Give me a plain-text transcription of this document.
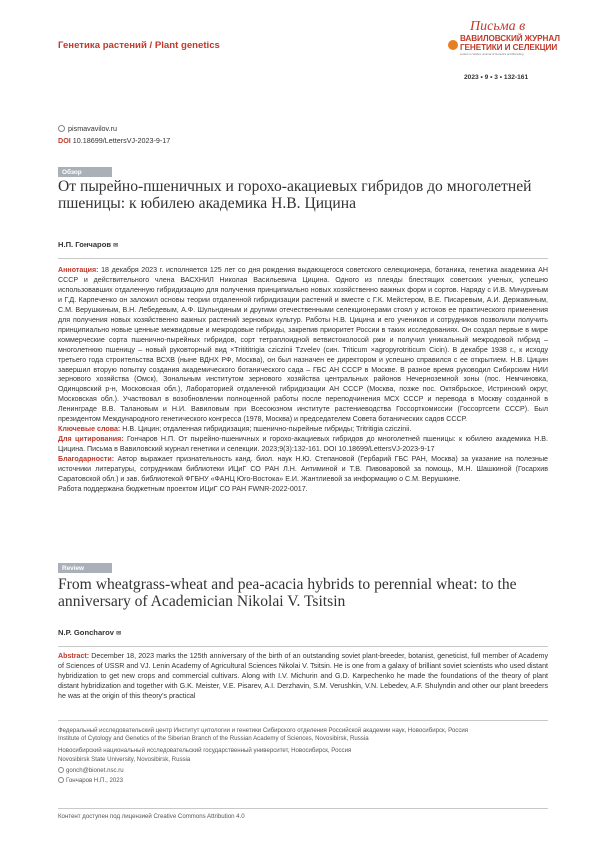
Генетика растений / Plant genetics
Письма в
ВАВИЛОВСКИЙ ЖУРНАЛ
ГЕНЕТИКИ И СЕЛЕКЦИИ
Letters to Vavilov Journal of Genetics and Breeding
2023 • 9 • 3 • 132-161
pismavavilov.ru
DOI 10.18699/LettersVJ-2023-9-17
Обзор
От пырейно-пшеничных и горохо-акациевых гибридов до многолетней пшеницы: к юбилею академика Н.В. Цицина
Н.П. Гончаров ✉
Аннотация: 18 декабря 2023 г. исполняется 125 лет со дня рождения выдающегося советского селекционера, ботаника, генетика академика АН СССР и действительного члена ВАСХНИЛ Николая Васильевича Цицина. Одного из плеяды блестящих советских ученых, успешно использовавших отдаленную гибридизацию для получения принципиально новых хозяйственно важных форм и сортов. Наряду с И.В. Мичуриным и Г.Д. Карпеченко он заложил основы теории отдаленной гибридизации растений и вместе с Г.К. Мейстером, В.Е. Писаревым, А.И. Державиным, С.М. Верушкиным, В.Н. Лебедевым, А.Ф. Шульндиным и другими отечественными селекционерами стоял у истоков ее практического применения для получения новых хозяйственно важных растений зерновых культур. Работы Н.В. Цицина и его учеников и сотрудников позволили получить принципиально новые ценные межвидовые и межродовые гибриды, закрепив приоритет России в таких исследованиях. Он создал первые в мире коммерческие сорта пшенично-пырейных гибридов, сорт тетраплоидной ветвистоколосой ржи и получил уникальный межродовой гибрид – многолетнюю пшеницу – новый руковторный вид ×Tritititrigia cziczinii Tzvelev (син. Triticum ×agropyrotriticum Cicin). В декабре 1938 г., к исходу третьего года строительства ВСХВ (ныне ВДНХ РФ, Москва), он был назначен ее директором и успешно справился с ее открытием. Н.В. Цицин завершил вторую попытку создания академического ботанического сада – ГБС АН СССР в Москве. В разное время руководил Сибирским НИИ зернового хозяйства (Омск), Зональным институтом зернового хозяйства центральных районов Нечерноземной зоны (пос. Немчиновка, Одинцовский р-н, Московская обл.), Лабораторией отдаленной гибридизации АН СССР (Москва, позже пос. Октябрьское, Истринский округ, Московская обл.). Участвовал в возобновлении полноценной работы после переподчинения МСХ СССР и перевода в Москву созданной в Ленинграде В.В. Талановым и Н.И. Вавиловым при Всесоюзном институте растениеводства Госсорткомиссии (Госсортсети СССР). Был президентом Международного генетического конгресса (1978, Москва) и председателем Совета ботанических садов СССР.
Ключевые слова: Н.В. Цицин; отдаленная гибридизация; пшенично-пырейные гибриды; Tritritigia cziczinii.
Для цитирования: Гончаров Н.П. От пырейно-пшеничных и горохо-акациевых гибридов до многолетней пшеницы: к юбилею академика Н.В. Цицина. Письма в Вавиловский журнал генетики и селекции. 2023;9(3):132-161. DOI 10.18699/LettersVJ-2023-9-17
Благодарности: Автор выражает признательность канд. биол. наук Н.Ю. Степановой (Гербарий ГБС РАН, Москва) за указание на полезные источники литературы, сотрудникам библиотеки ИЦиГ СО РАН Л.Н. Антиминой и Т.В. Пивоваровой за помощь, М.Н. Шашкиной (Госархив Саратовской обл.) и зав. библиотекой ФГБНУ «ФАНЦ Юго-Востока» Е.И. Жантлиевой за информацию о С.М. Верушкине.
Работа поддержана бюджетным проектом ИЦиГ СО РАН FWNR-2022-0017.
Review
From wheatgrass-wheat and pea-acacia hybrids to perennial wheat: to the anniversary of Academician Nikolai V. Tsitsin
N.P. Goncharov ✉
Abstract: December 18, 2023 marks the 125th anniversary of the birth of an outstanding soviet plant-breeder, botanist, geneticist, full member of Academy of Sciences of USSR and VJ. Lenin Academy of Agricultural Sciences Nikolai V. Tsitsin. He is one from a galaxy of brilliant soviet scientists who used distant hybridization to get new crops and commercial cultivars. Along with I.V. Michurin and G.D. Karpechenko he made the foundations of the theory of plant distant hybridization and together with G.K. Meister, V.E. Pisarev, A.I. Derzhavin, S.M. Verushkin, V.N. Lebedev, A.F. Shulyndin and other our plant breeders he was at the origin of this theory's practical
Федеральный исследовательский центр Институт цитологии и генетики Сибирского отделения Российской академии наук, Новосибирск, Россия
Institute of Cytology and Genetics of the Siberian Branch of the Russian Academy of Sciences, Novosibirsk, Russia
Новосибирский национальный исследовательский государственный университет, Новосибирск, Россия
Novosibirsk State University, Novosibirsk, Russia
gonch@bionet.nsc.ru
Гончаров Н.П., 2023
Контент доступен под лицензией Creative Commons Attribution 4.0
